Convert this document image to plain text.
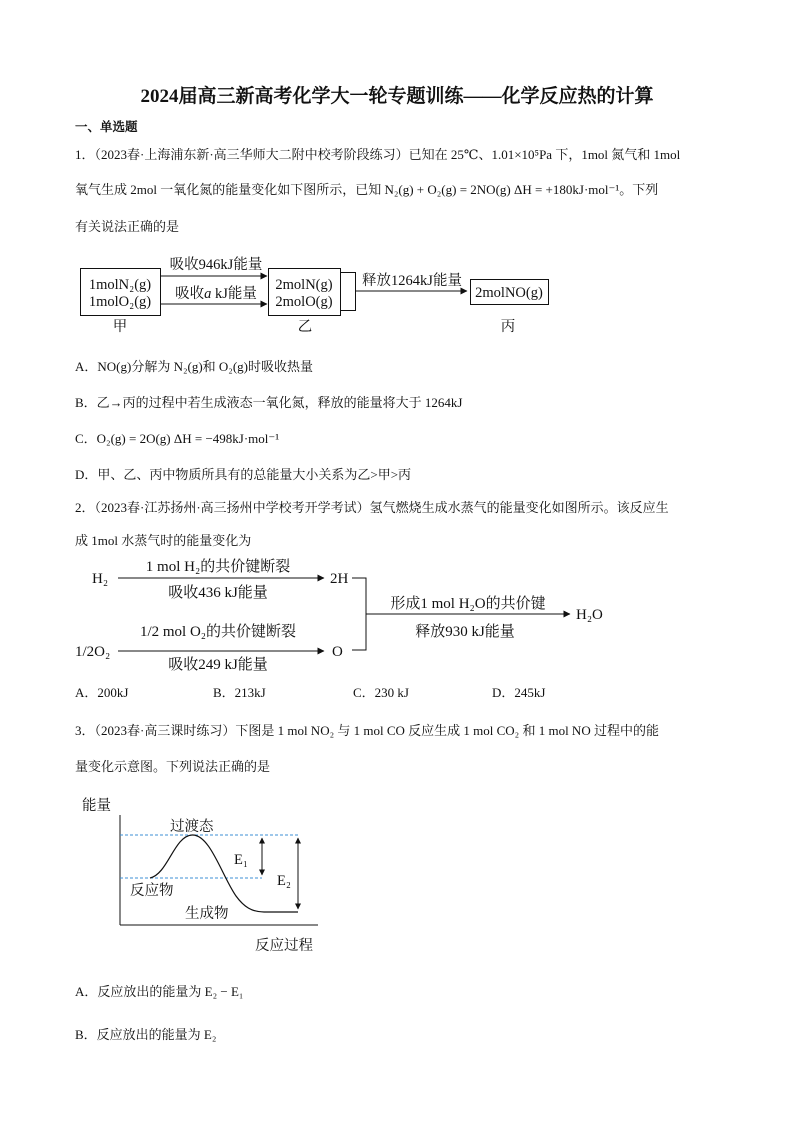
2024届高三新高考化学大一轮专题训练——化学反应热的计算
一、单选题
1．（2023春·上海浦东新·高三华师大二附中校考阶段练习）已知在 25℃、1.01×10⁵Pa 下，1mol 氮气和 1mol
氧气生成 2mol 一氧化氮的能量变化如下图所示，已知 N₂(g) + O₂(g) = 2NO(g) ΔH = +180kJ·mol⁻¹。下列
有关说法正确的是
1molN₂(g)
1molO₂(g)
吸收946kJ能量
吸收a kJ能量
2molN(g)
2molO(g)
释放1264kJ能量
2molNO(g)
甲	乙	丙
A．NO(g)分解为 N₂(g)和 O₂(g)时吸收热量
B．乙→丙的过程中若生成液态一氧化氮，释放的能量将大于 1264kJ
C．O₂(g) = 2O(g) ΔH = −498kJ·mol⁻¹
D．甲、乙、丙中物质所具有的总能量大小关系为乙>甲>丙
2．（2023春·江苏扬州·高三扬州中学校考开学考试）氢气燃烧生成水蒸气的能量变化如图所示。该反应生
成 1mol 水蒸气时的能量变化为
H₂
1 mol H₂的共价键断裂
吸收436 kJ能量
2H
1/2O₂
1/2 mol O₂的共价键断裂
吸收249 kJ能量
O
形成1 mol H₂O的共价键
释放930 kJ能量
H₂O
A．200kJ	B．213kJ	C．230 kJ	D．245kJ
3．（2023春·高三课时练习）下图是 1 mol NO₂ 与 1 mol CO 反应生成 1 mol CO₂ 和 1 mol NO 过程中的能
量变化示意图。下列说法正确的是
能量
过渡态
反应物
生成物
E₁
E₂
反应过程
A．反应放出的能量为 E₂ − E₁
B．反应放出的能量为 E₂
